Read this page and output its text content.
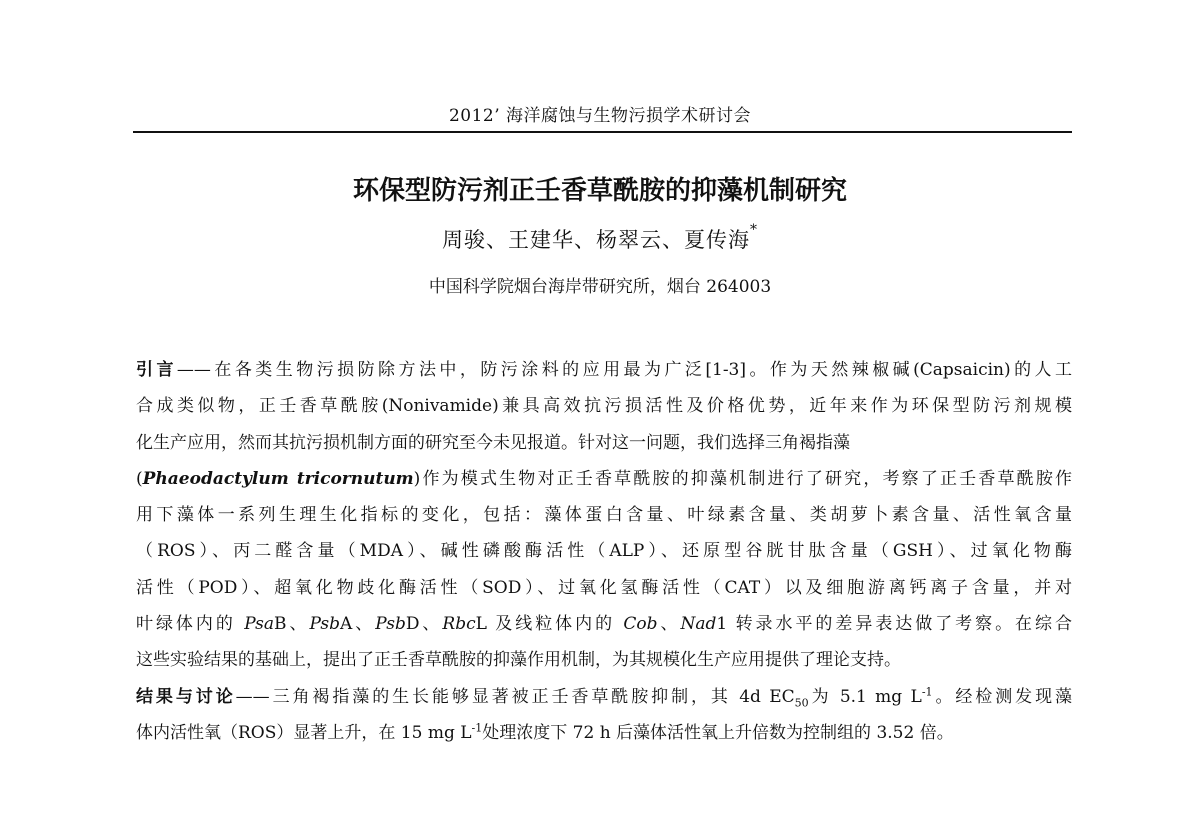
2012’ 海洋腐蚀与生物污损学术研讨会
环保型防污剂正壬香草酰胺的抑藻机制研究
周骏、王建华、杨翠云、夏传海*
中国科学院烟台海岸带研究所，烟台 264003
引言——在各类生物污损防除方法中，防污涂料的应用最为广泛[1-3]。作为天然辣椒碱(Capsaicin)的人工
合成类似物，正壬香草酰胺(Nonivamide)兼具高效抗污损活性及价格优势，近年来作为环保型防污剂规模
化生产应用，然而其抗污损机制方面的研究至今未见报道。针对这一问题，我们选择三角褐指藻
(Phaeodactylum tricornutum)作为模式生物对正壬香草酰胺的抑藻机制进行了研究，考察了正壬香草酰胺作
用下藻体一系列生理生化指标的变化，包括：藻体蛋白含量、叶绿素含量、类胡萝卜素含量、活性氧含量
（ROS）、丙二醛含量（MDA）、碱性磷酸酶活性（ALP）、还原型谷胱甘肽含量（GSH）、过氧化物酶
活性（POD）、超氧化物歧化酶活性（SOD）、过氧化氢酶活性（CAT）以及细胞游离钙离子含量，并对
叶绿体内的 PsaB、PsbA、PsbD、RbcL 及线粒体内的 Cob、Nad1 转录水平的差异表达做了考察。在综合
这些实验结果的基础上，提出了正壬香草酰胺的抑藻作用机制，为其规模化生产应用提供了理论支持。
结果与讨论——三角褐指藻的生长能够显著被正壬香草酰胺抑制，其 4d $EC_{50}$为 5.1 mg $L^{-1}$。经检测发现藻
体内活性氧（ROS）显著上升，在 15 mg $L^{-1}$处理浓度下 72 h 后藻体活性氧上升倍数为控制组的 3.52 倍。
